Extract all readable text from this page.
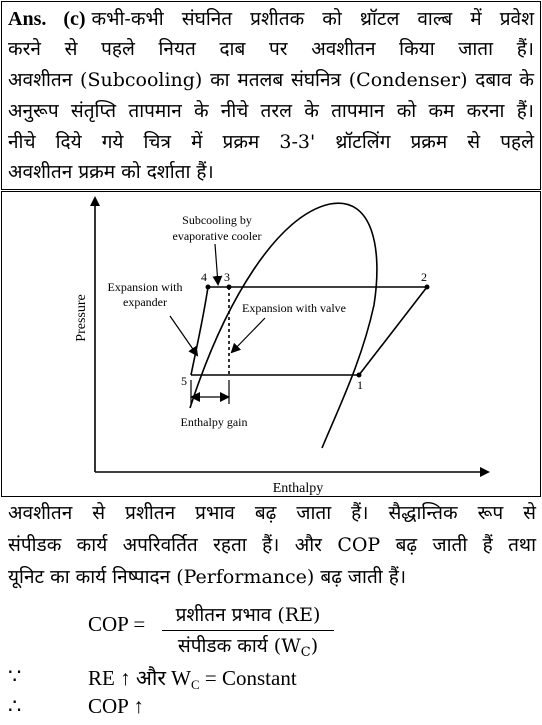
Ans. (c) कभी-कभी संघनित प्रशीतक को थ्रॉटल वाल्ब में प्रवेश
करने से पहले नियत दाब पर अवशीतन किया जाता हैं।
अवशीतन (Subcooling) का मतलब संघनित्र (Condenser) दबाव के
अनुरूप संतृप्ति तापमान के नीचे तरल के तापमान को कम करना हैं।
नीचे दिये गये चित्र में प्रक्रम 3-3' थ्रॉटलिंग प्रक्रम से पहले
अवशीतन प्रक्रम को दर्शाता हैं।
Pressure
Enthalpy
Subcooling by
evaporative cooler
Expansion with
expander	Expansion with valve
Enthalpy gain
1
2
3
4
5
अवशीतन से प्रशीतन प्रभाव बढ़ जाता हैं। सैद्धान्तिक रूप से
संपीडक कार्य अपरिवर्तित रहता हैं। और COP बढ़ जाती हैं तथा
यूनिट का कार्य निष्पादन (Performance) बढ़ जाती हैं।
COP =	प्रशीतन प्रभाव (RE)
संपीडक कार्य $(W_C)$
∵	RE ↑ और $W_C$ = Constant
∴	COP ↑
